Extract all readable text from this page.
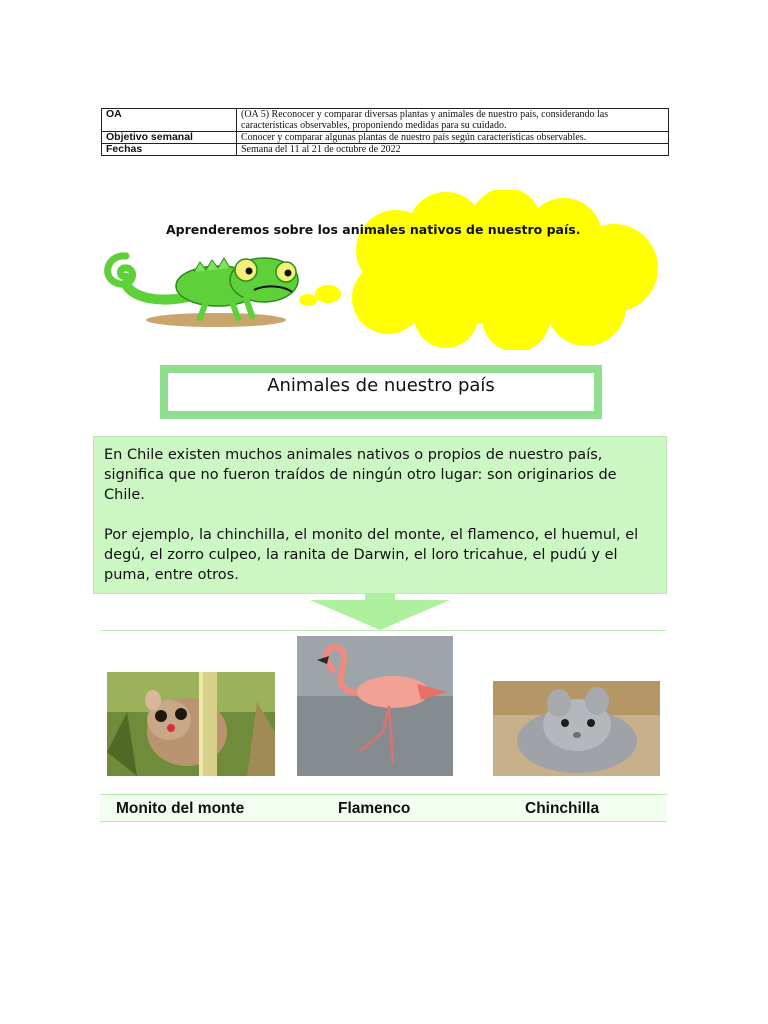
OA	(OA 5) Reconocer y comparar diversas plantas y animales de nuestro país, considerando las características observables, proponiendo medidas para su cuidado.
Objetivo semanal	Conocer y comparar algunas plantas de nuestro país según características observables.
Fechas	Semana del 11 al 21 de octubre de 2022
Aprenderemos sobre los animales nativos de nuestro país.
Animales de nuestro país

En Chile existen muchos animales nativos o propios de nuestro país, significa que no fueron traídos de ningún otro lugar: son originarios de Chile.

Por ejemplo, la chinchilla, el monito del monte, el flamenco, el huemul, el degú, el zorro culpeo, la ranita de Darwin, el loro tricahue, el pudú y el puma, entre otros.

Monito del monte	Flamenco	Chinchilla
